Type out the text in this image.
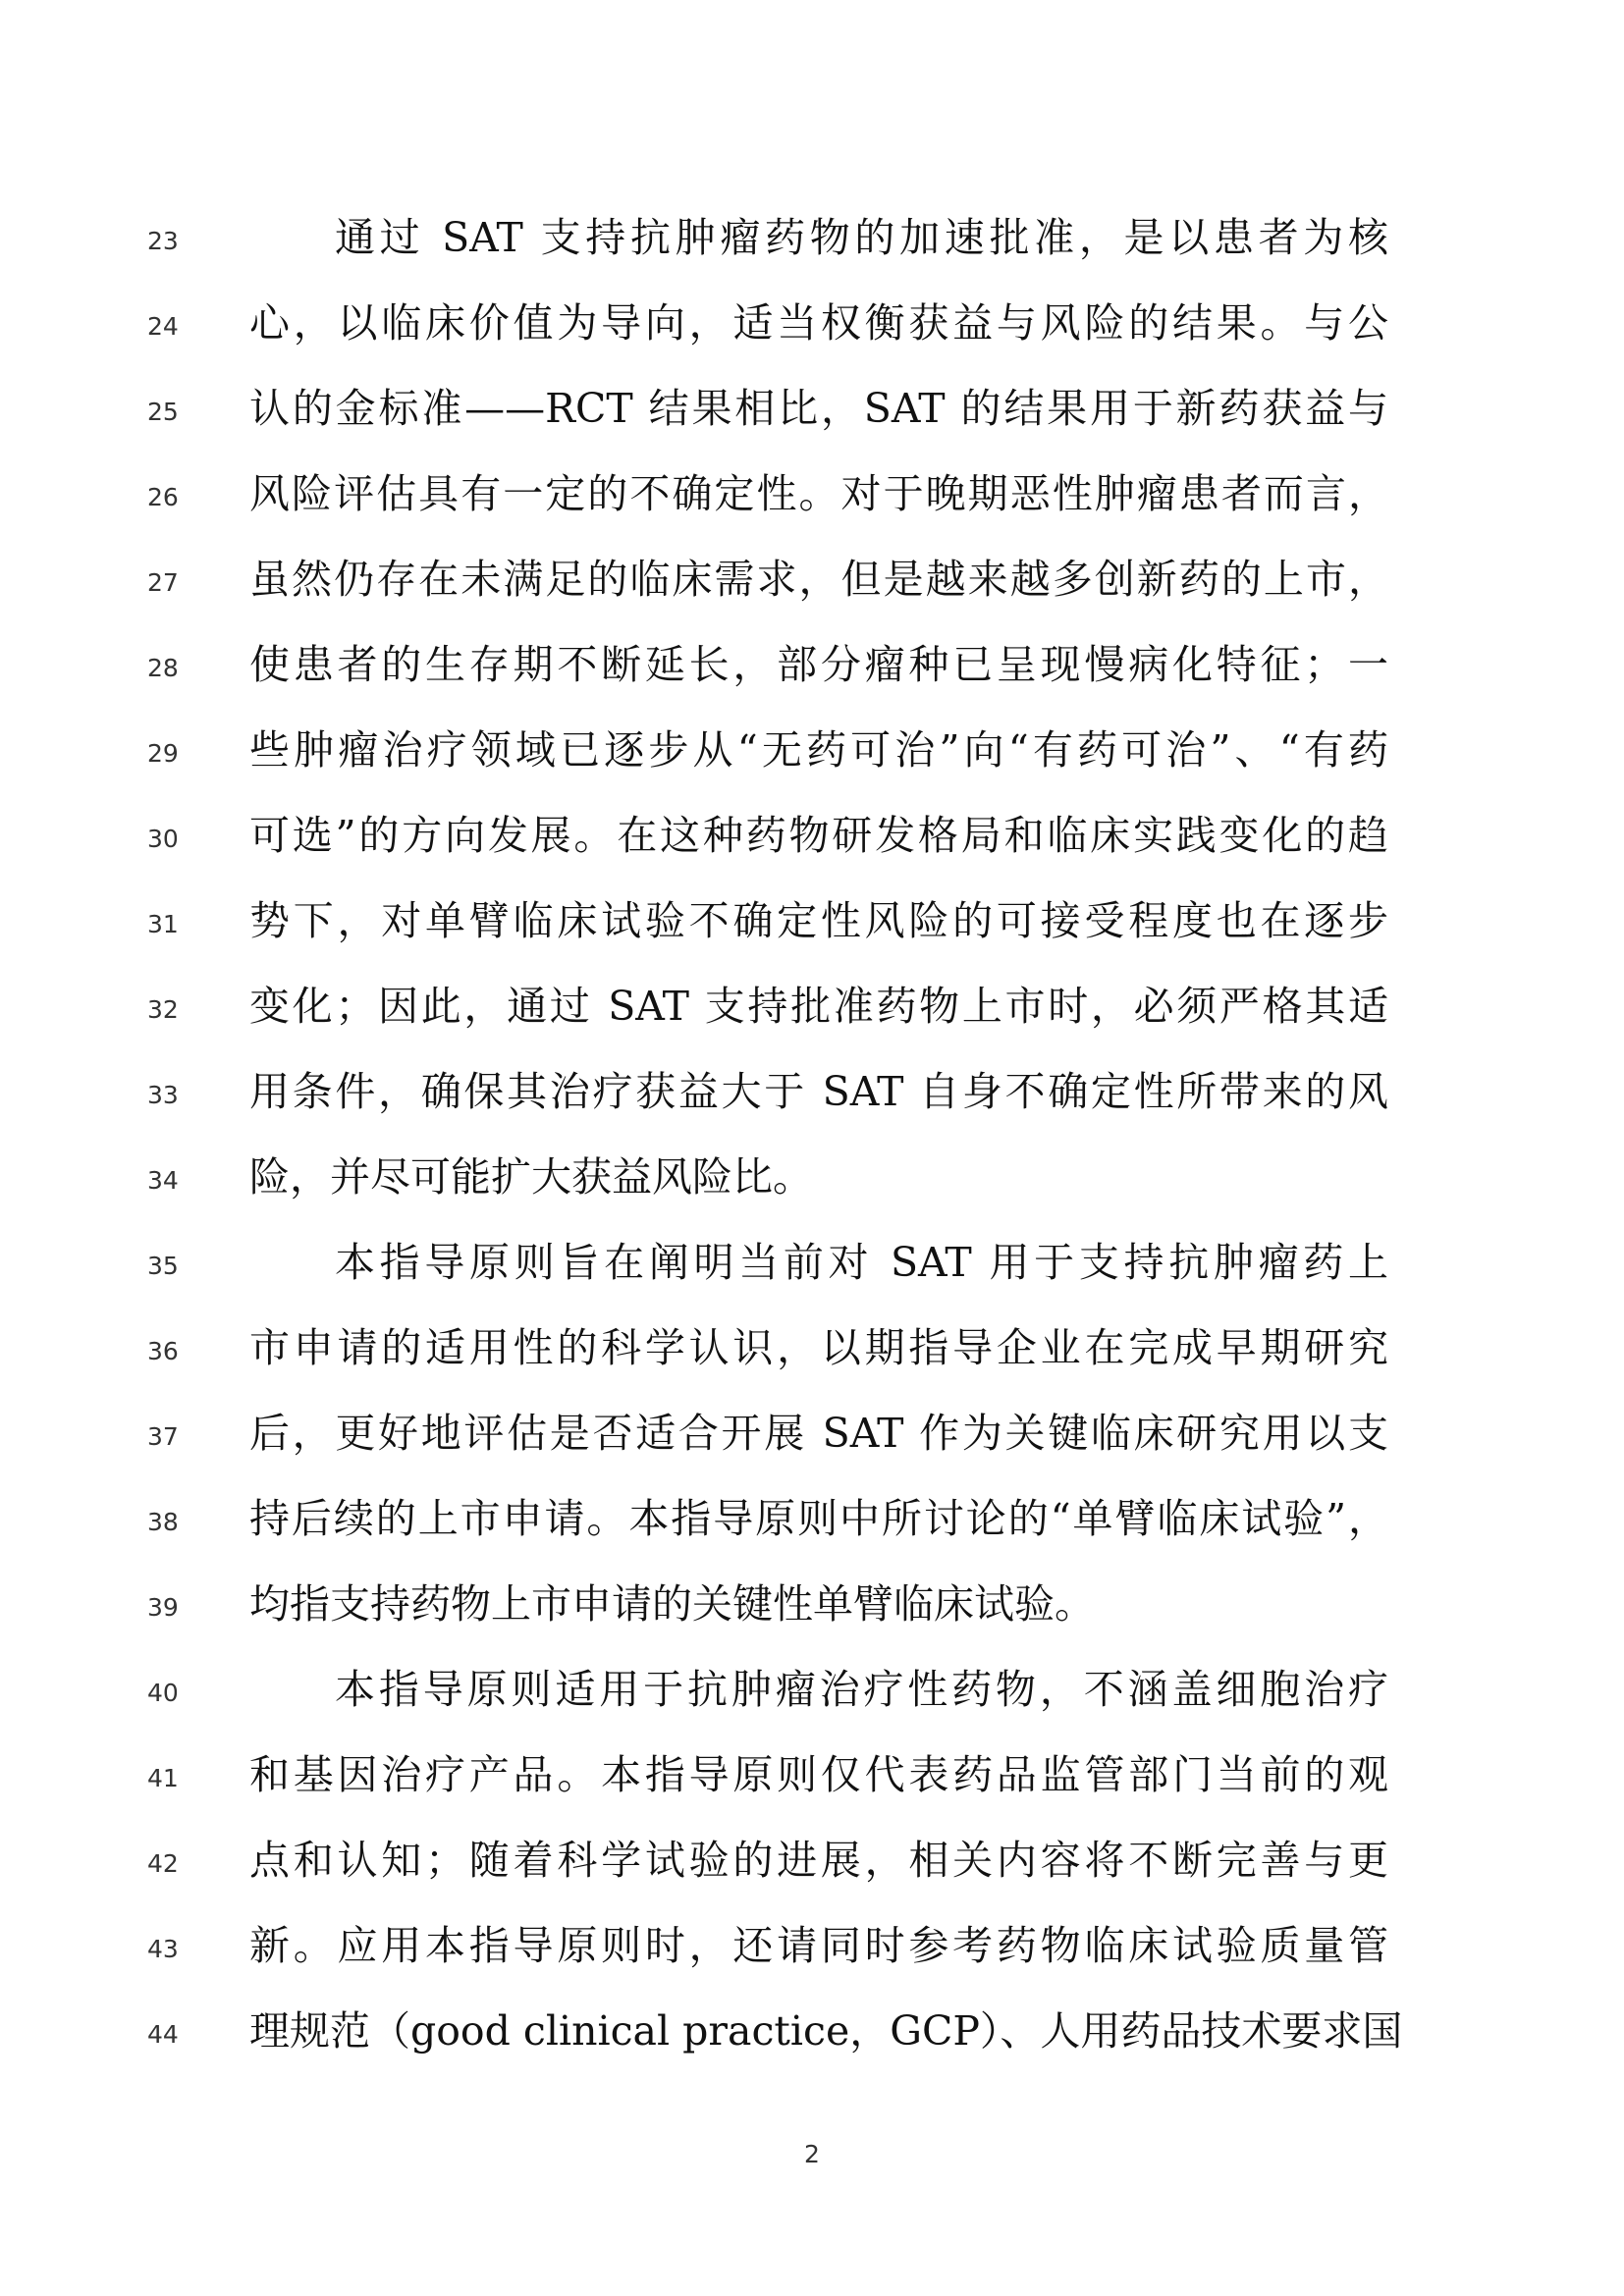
23	通过 SAT 支持抗肿瘤药物的加速批准，是以患者为核
24	心，以临床价值为导向，适当权衡获益与风险的结果。与公
25	认的金标准——RCT 结果相比，SAT 的结果用于新药获益与
26	风险评估具有一定的不确定性。对于晚期恶性肿瘤患者而言，
27	虽然仍存在未满足的临床需求，但是越来越多创新药的上市，
28	使患者的生存期不断延长，部分瘤种已呈现慢病化特征；一
29	些肿瘤治疗领域已逐步从“无药可治”向“有药可治”、“有药
30	可选”的方向发展。在这种药物研发格局和临床实践变化的趋
31	势下，对单臂临床试验不确定性风险的可接受程度也在逐步
32	变化；因此，通过 SAT 支持批准药物上市时，必须严格其适
33	用条件，确保其治疗获益大于 SAT 自身不确定性所带来的风
34	险，并尽可能扩大获益风险比。
35	本指导原则旨在阐明当前对 SAT 用于支持抗肿瘤药上
36	市申请的适用性的科学认识，以期指导企业在完成早期研究
37	后，更好地评估是否适合开展 SAT 作为关键临床研究用以支
38	持后续的上市申请。本指导原则中所讨论的“单臂临床试验”，
39	均指支持药物上市申请的关键性单臂临床试验。
40	本指导原则适用于抗肿瘤治疗性药物，不涵盖细胞治疗
41	和基因治疗产品。本指导原则仅代表药品监管部门当前的观
42	点和认知；随着科学试验的进展，相关内容将不断完善与更
43	新。应用本指导原则时，还请同时参考药物临床试验质量管
44	理规范（good clinical practice，GCP）、人用药品技术要求国
2
